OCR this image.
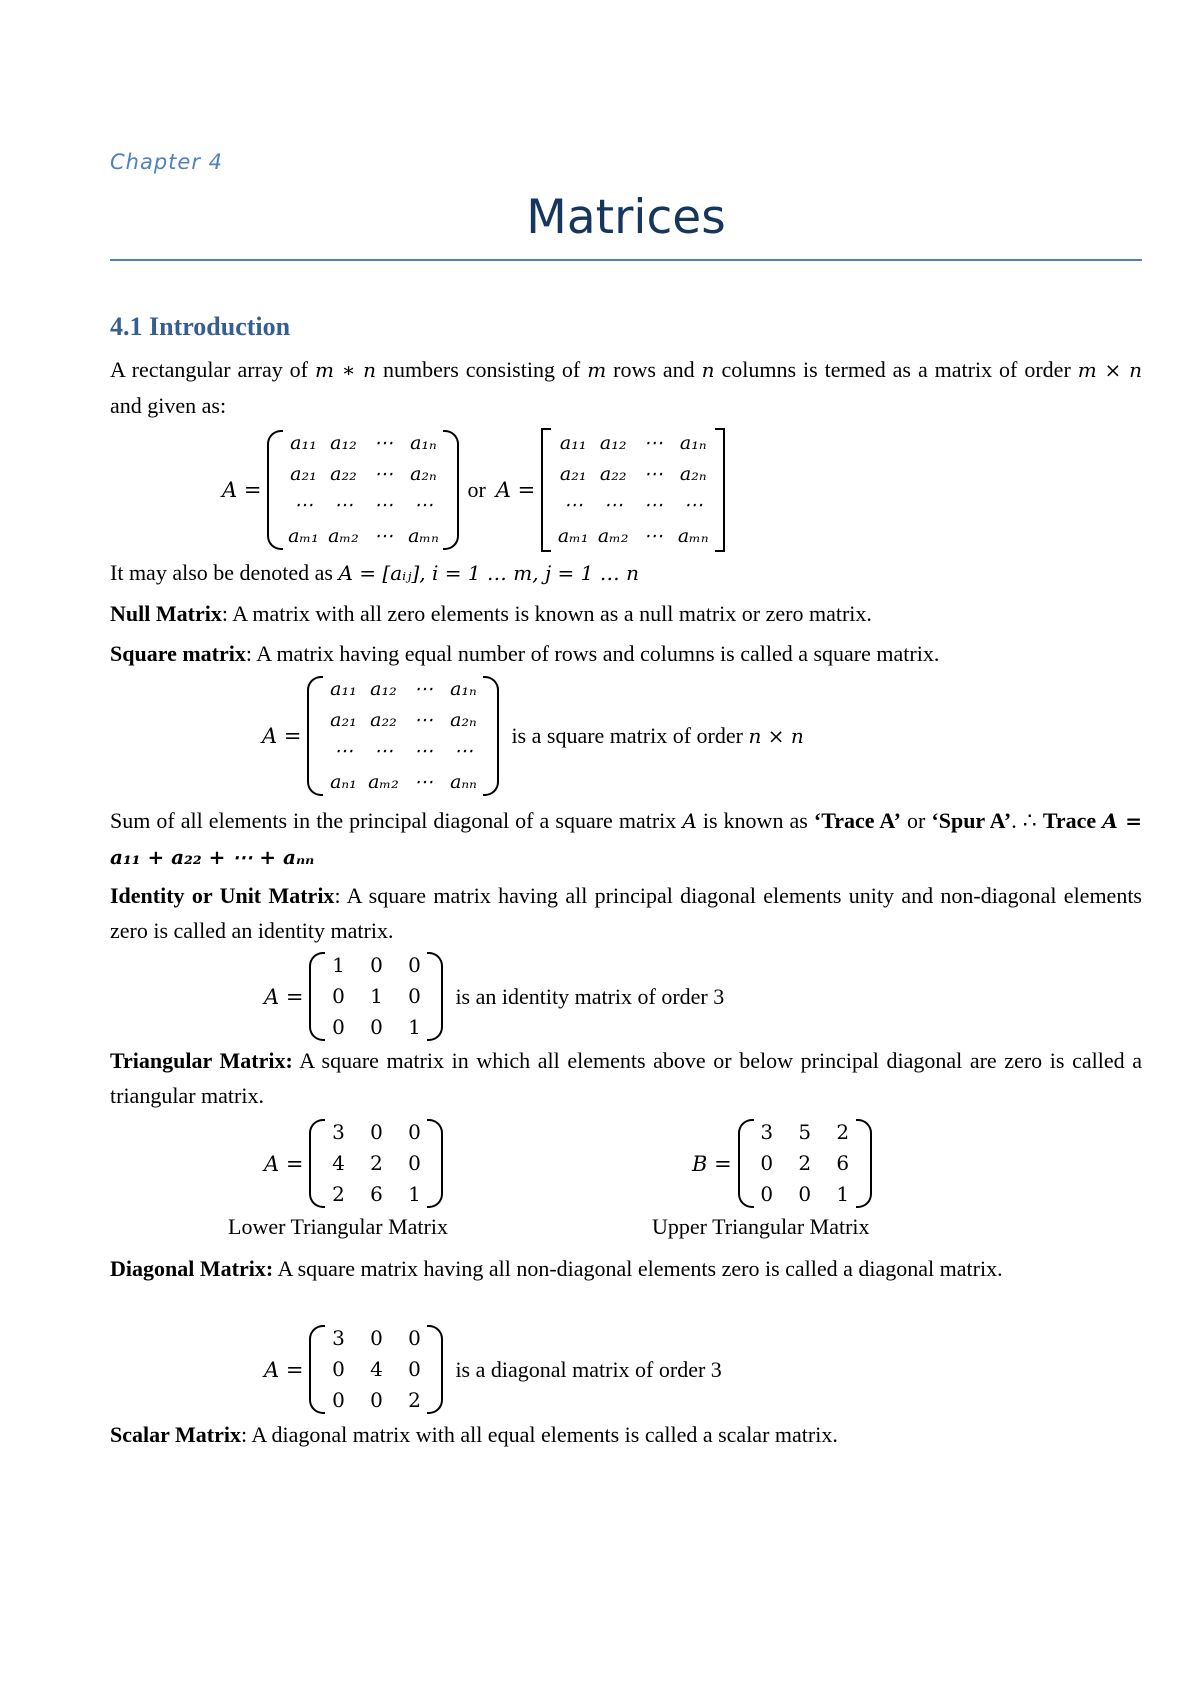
Chapter 4
Matrices
4.1 Introduction
A rectangular array of m ∗ n numbers consisting of m rows and n columns is termed as a matrix of order m × n and given as:
A =
a₁₁ a₁₂ ⋯ a₁ₙ
a₂₁ a₂₂ ⋯ a₂ₙ
⋯	⋯	⋯	⋯
aₘ₁ aₘ₂ ⋯ aₘₙ
or A =
a₁₁ a₁₂ ⋯ a₁ₙ
a₂₁ a₂₂ ⋯ a₂ₙ
⋯	⋯	⋯	⋯
aₘ₁ aₘ₂ ⋯ aₘₙ
It may also be denoted as A = [aᵢⱼ], i = 1 … m, j = 1 … n
Null Matrix: A matrix with all zero elements is known as a null matrix or zero matrix.
Square matrix: A matrix having equal number of rows and columns is called a square matrix.
A =
a₁₁ a₁₂ ⋯ a₁ₙ
a₂₁ a₂₂ ⋯ a₂ₙ
⋯	⋯	⋯	⋯
aₙ₁ aₘ₂ ⋯ aₙₙ
is a square matrix of order n × n
Sum of all elements in the principal diagonal of a square matrix A is known as ‘Trace A’ or ‘Spur A’. ∴ Trace A = a₁₁ + a₂₂ + ⋯ + aₙₙ
Identity or Unit Matrix: A square matrix having all principal diagonal elements unity and non-diagonal elements zero is called an identity matrix.
A =
1	0	0
0	1	0
0	0	1
is an identity matrix of order 3
Triangular Matrix: A square matrix in which all elements above or below principal diagonal are zero is called a triangular matrix.
A =
3	0	0
4	2	0
2	6	1
B =
3	5	2
0	2	6
0	0	1
Lower Triangular Matrix	Upper Triangular Matrix
Diagonal Matrix: A square matrix having all non-diagonal elements zero is called a diagonal matrix.
A =
3	0	0
0	4	0
0	0	2
is a diagonal matrix of order 3
Scalar Matrix: A diagonal matrix with all equal elements is called a scalar matrix.
